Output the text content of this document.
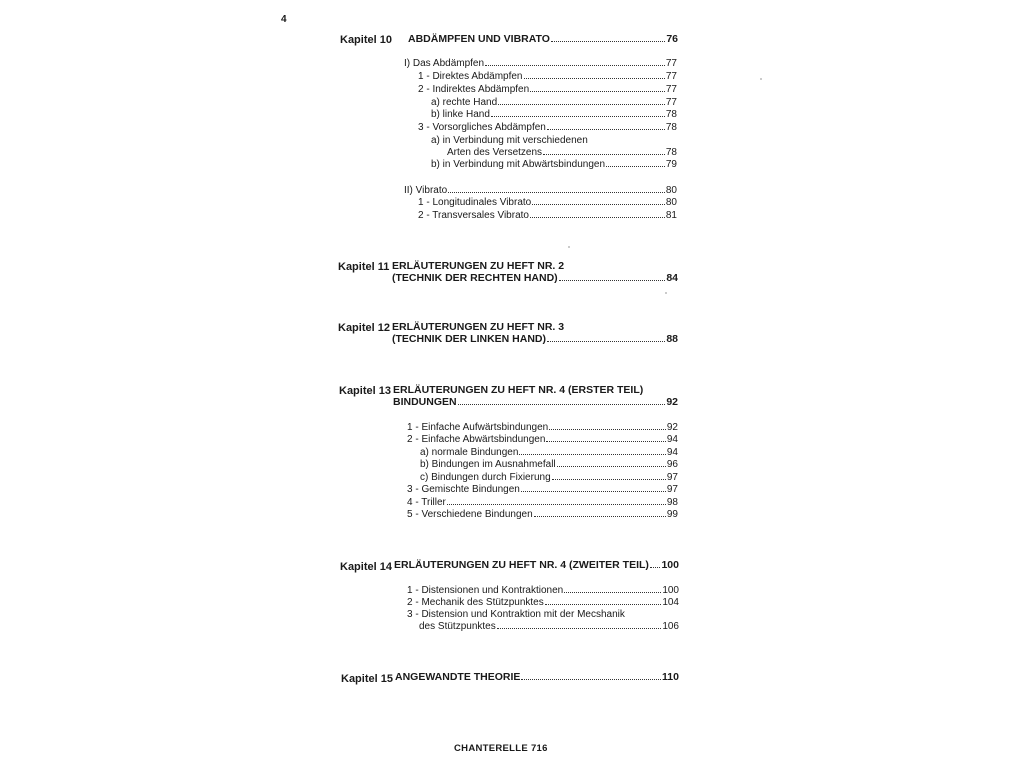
4
Kapitel 10 ABDÄMPFEN UND VIBRATO	76
I) Das Abdämpfen	77
1 - Direktes Abdämpfen	77
2 - Indirektes Abdämpfen	77
a) rechte Hand	77
b) linke Hand	78
3 - Vorsorgliches Abdämpfen	78
a) in Verbindung mit verschiedenen
Arten des Versetzens	78
b) in Verbindung mit Abwärtsbindungen	79
II) Vibrato	80
1 - Longitudinales Vibrato	80
2 - Transversales Vibrato	81
Kapitel 11 ERLÄUTERUNGEN ZU HEFT NR. 2
(TECHNIK DER RECHTEN HAND)	84
Kapitel 12 ERLÄUTERUNGEN ZU HEFT NR. 3
(TECHNIK DER LINKEN HAND)	88
Kapitel 13 ERLÄUTERUNGEN ZU HEFT NR. 4 (ERSTER TEIL)
BINDUNGEN	92
1 - Einfache Aufwärtsbindungen	92
2 - Einfache Abwärtsbindungen	94
a) normale Bindungen	94
b) Bindungen im Ausnahmefall	96
c) Bindungen durch Fixierung	97
3 - Gemischte Bindungen	97
4 - Triller	98
5 - Verschiedene Bindungen	99
Kapitel 14 ERLÄUTERUNGEN ZU HEFT NR. 4 (ZWEITER TEIL) 100
1 - Distensionen und Kontraktionen	100
2 - Mechanik des Stützpunktes	104
3 - Distension und Kontraktion mit der Mecshanik
des Stützpunktes	106
Kapitel 15 ANGEWANDTE THEORIE	110
CHANTERELLE 716
